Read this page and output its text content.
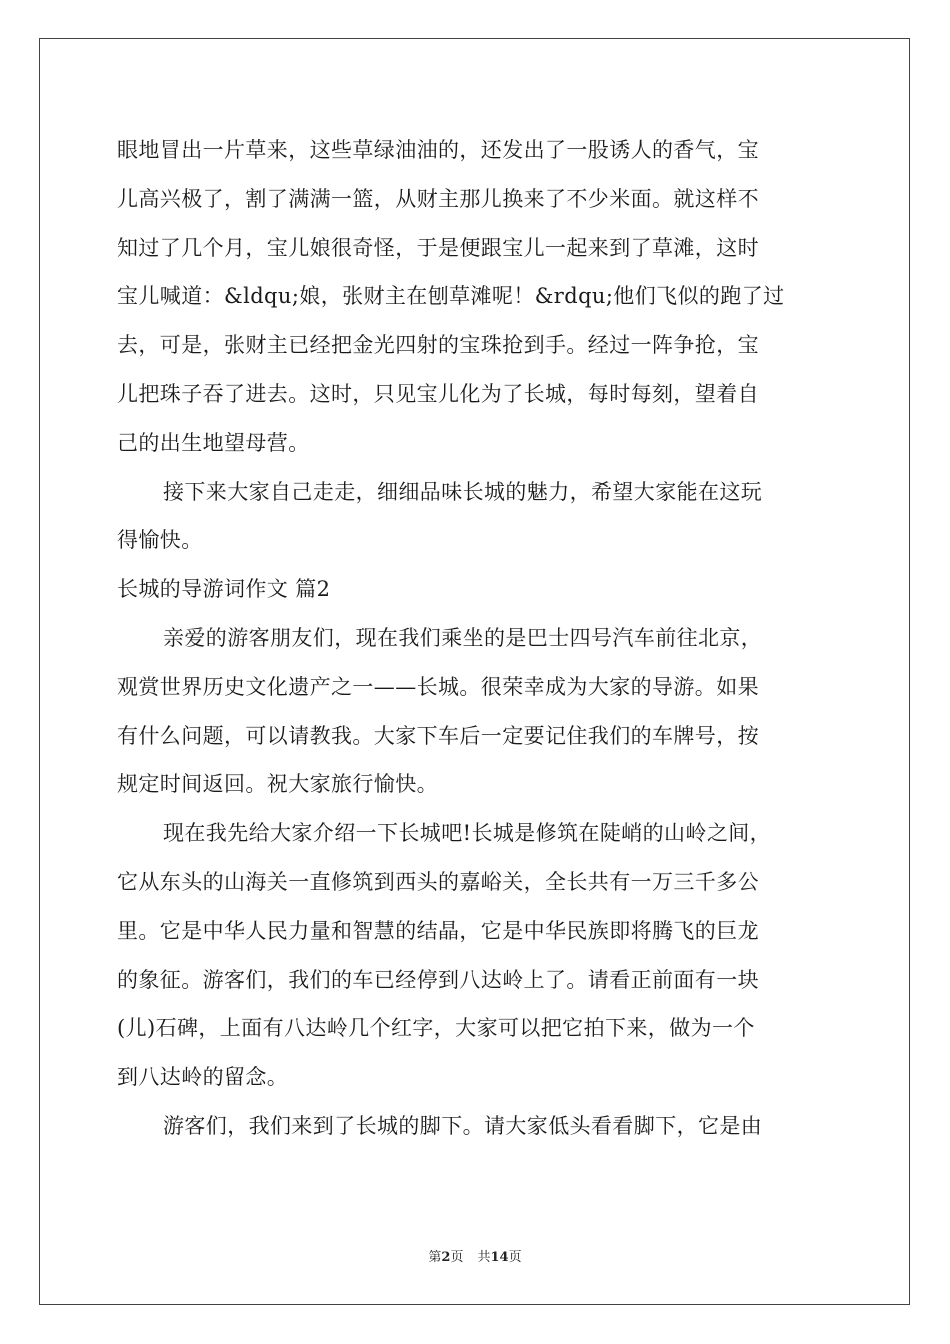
眼地冒出一片草来，这些草绿油油的，还发出了一股诱人的香气，宝
儿高兴极了，割了满满一篮，从财主那儿换来了不少米面。就这样不
知过了几个月，宝儿娘很奇怪，于是便跟宝儿一起来到了草滩，这时
宝儿喊道：&ldqu;娘，张财主在刨草滩呢！&rdqu;他们飞似的跑了过
去，可是，张财主已经把金光四射的宝珠抢到手。经过一阵争抢，宝
儿把珠子吞了进去。这时，只见宝儿化为了长城，每时每刻，望着自
己的出生地望母营。
接下来大家自己走走，细细品味长城的魅力，希望大家能在这玩
得愉快。
长城的导游词作文 篇2
亲爱的游客朋友们，现在我们乘坐的是巴士四号汽车前往北京，
观赏世界历史文化遗产之一——长城。很荣幸成为大家的导游。如果
有什么问题，可以请教我。大家下车后一定要记住我们的车牌号，按
规定时间返回。祝大家旅行愉快。
现在我先给大家介绍一下长城吧!长城是修筑在陡峭的山岭之间，
它从东头的山海关一直修筑到西头的嘉峪关，全长共有一万三千多公
里。它是中华人民力量和智慧的结晶，它是中华民族即将腾飞的巨龙
的象征。游客们，我们的车已经停到八达岭上了。请看正前面有一块
(儿)石碑，上面有八达岭几个红字，大家可以把它拍下来，做为一个
到八达岭的留念。
游客们，我们来到了长城的脚下。请大家低头看看脚下，它是由
第2页 共14页
